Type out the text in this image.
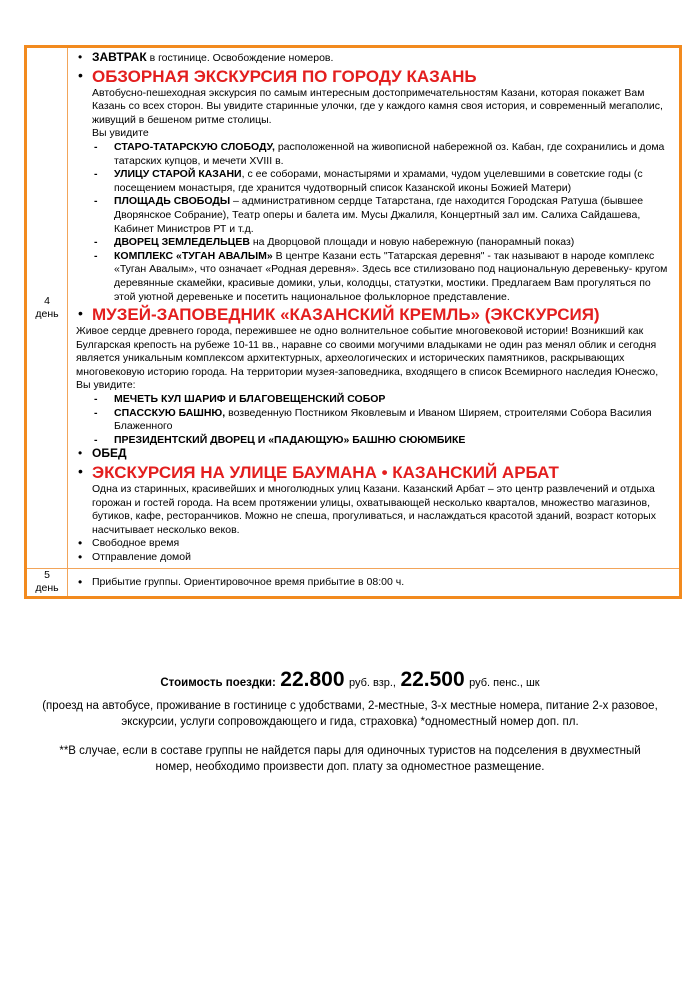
4
день
• ЗАВТРАК в гостинице. Освобождение номеров.
• ОБЗОРНАЯ ЭКСКУРСИЯ ПО ГОРОДУ КАЗАНЬ
Автобусно-пешеходная экскурсия по самым интересным достопримечательностям Казани, которая покажет Вам Казань со всех сторон. Вы увидите старинные улочки, где у каждого камня своя история, и современный мегаполис, живущий в бешеном ритме столицы.
Вы увидите
- СТАРО-ТАТАРСКУЮ СЛОБОДУ, расположенной на живописной набережной оз. Кабан, где сохранились и дома татарских купцов, и мечети XVIII в.
- УЛИЦУ СТАРОЙ КАЗАНИ, с ее соборами, монастырями и храмами, чудом уцелевшими в советские годы (с посещением монастыря, где хранится чудотворный список Казанской иконы Божией Матери)
- ПЛОЩАДЬ СВОБОДЫ – административном сердце Татарстана, где находится Городская Ратуша (бывшее Дворянское Собрание), Театр оперы и балета им. Мусы Джалиля, Концертный зал им. Салиха Сайдашева, Кабинет Министров РТ и т.д.
- ДВОРЕЦ ЗЕМЛЕДЕЛЬЦЕВ на Дворцовой площади и новую набережную (панорамный показ)
- КОМПЛЕКС «ТУГАН АВАЛЫМ» В центре Казани есть "Татарская деревня" - так называют в народе комплекс «Туган Авалым», что означает «Родная деревня». Здесь все стилизовано под национальную деревеньку- кругом деревянные скамейки, красивые домики, ульи, колодцы, статуэтки, мостики. Предлагаем Вам прогуляться по этой уютной деревеньке и посетить национальное фольклорное представление.
• МУЗЕЙ-ЗАПОВЕДНИК «КАЗАНСКИЙ КРЕМЛЬ» (ЭКСКУРСИЯ)
Живое сердце древнего города, пережившее не одно волнительное событие многовековой истории! Возникший как Булгарская крепость на рубеже 10-11 вв., наравне со своими могучими владыками не один раз менял облик и сегодня является уникальным комплексом архитектурных, археологических и исторических памятников, раскрывающих многовековую историю города. На территории музея-заповедника, входящего в список Всемирного наследия Юнесжо,
Вы увидите:
- МЕЧЕТЬ КУЛ ШАРИФ И БЛАГОВЕЩЕНСКИЙ СОБОР
- СПАССКУЮ БАШНЮ, возведенную Постником Яковлевым и Иваном Ширяем, строителями Собора Василия Блаженного
- ПРЕЗИДЕНТСКИЙ ДВОРЕЦ И «ПАДАЮЩУЮ» БАШНЮ СЮЮМБИКЕ
• ОБЕД
• ЭКСКУРСИЯ НА УЛИЦЕ БАУМАНА • КАЗАНСКИЙ АРБАТ
Одна из старинных, красивейших и многолюдных улиц Казани. Казанский Арбат – это центр развлечений и отдыха горожан и гостей города. На всем протяжении улицы, охватывающей несколько кварталов, множество магазинов, бутиков, кафе, ресторанчиков. Можно не спеша, прогуливаться, и наслаждаться красотой зданий, возраст которых насчитывает несколько веков.
• Свободное время
• Отправление домой
5
день
• Прибытие группы. Ориентировочное время прибытие в 08:00 ч.
Стоимость поездки: 22.800 руб. взр., 22.500 руб. пенс., шк
(проезд на автобусе, проживание в гостинице с удобствами, 2-местные, 3-х местные номера, питание 2-х разовое, экскурсии, услуги сопровождающего и гида, страховка) *одноместный номер доп. пл.
**В случае, если в составе группы не найдется пары для одиночных туристов на подселения в двухместный номер, необходимо произвести доп. плату за одноместное размещение.
